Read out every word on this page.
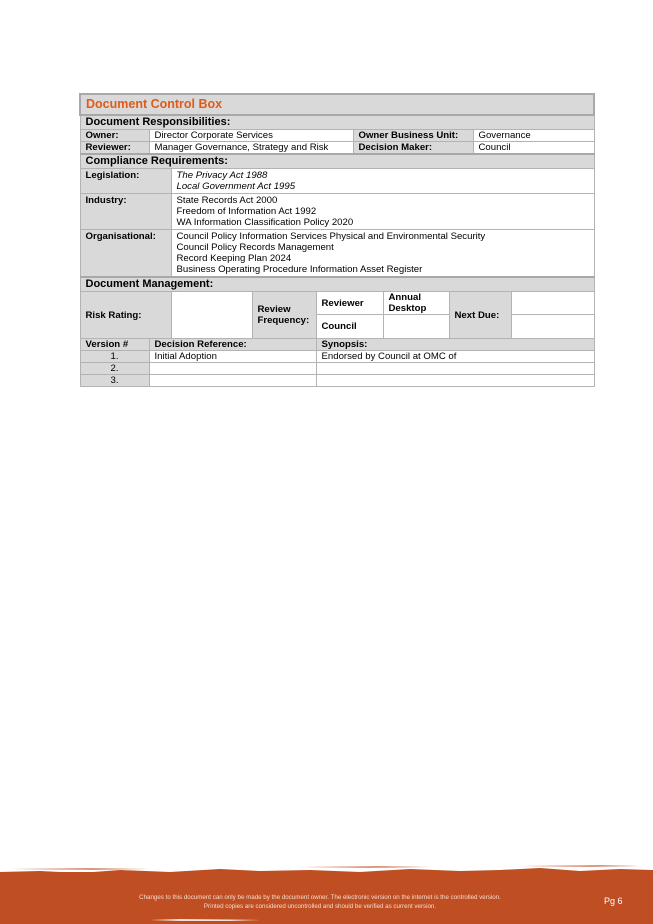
Document Control Box									
Document Responsibilities:									
Owner:	Director Corporate Services				Owner Business Unit:			Governance	
Reviewer:	Manager Governance, Strategy and Risk				Decision Maker:			Council	
Compliance Requirements:									
Legislation:		The Privacy Act 1988
Local Government Act 1995							

Industry:		State Records Act 2000
Freedom of Information Act 1992
WA Information Classification Policy 2020							

Organisational:		Council Policy Information Services Physical and Environmental Security
Council Policy Records Management
Record Keeping Plan 2024
Business Operating Procedure Information Asset Register							

Document Management:									
Risk Rating:			Review Frequency:	Reviewer		Annual Desktop	Next Due:		
				Council					
Version #	Decision Reference:			Synopsis:					
1.	Initial Adoption			Endorsed by Council at OMC of					
2.									
3.									
Changes to this document can only be made by the document owner. The electronic version on the internet is the controlled version.
Printed copies are considered uncontrolled and should be verified as current version.
Pg 6
